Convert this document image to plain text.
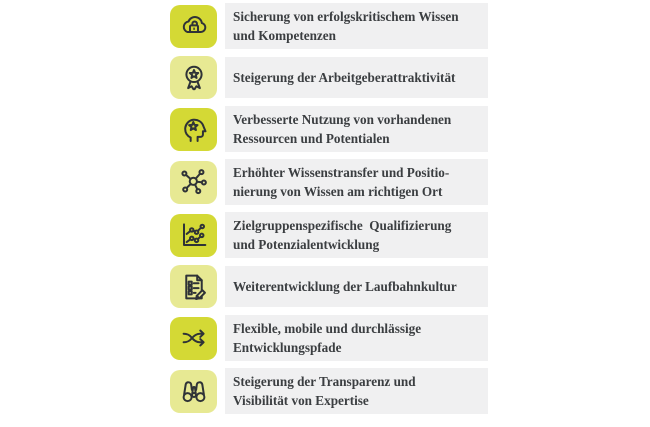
Sicherung von erfolgskritischem Wissen
und Kompetenzen
Steigerung der Arbeitgeberattraktivität
Verbesserte Nutzung von vorhandenen
Ressourcen und Potentialen
Erhöhter Wissenstransfer und Positio-
nierung von Wissen am richtigen Ort
Zielgruppenspezifische  Qualifizierung
und Potenzialentwicklung
Weiterentwicklung der Laufbahnkultur
Flexible, mobile und durchlässige
Entwicklungspfade
Steigerung der Transparenz und
Visibilität von Expertise
